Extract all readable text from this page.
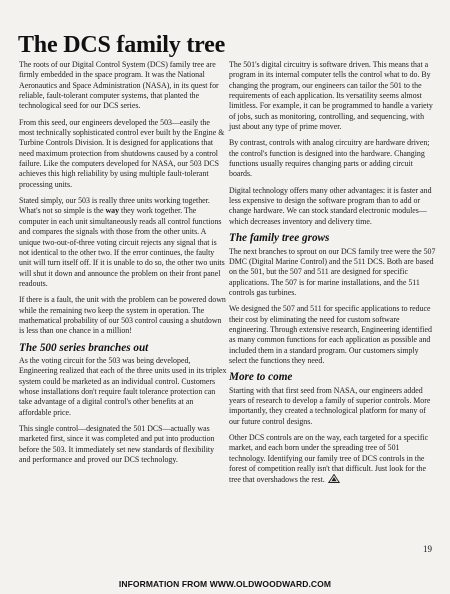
The DCS family tree

The roots of our Digital Control System (DCS) family tree are firmly embedded in the space program. It was the National Aeronautics and Space Administration (NASA), in its quest for reliable, fault-tolerant computer systems, that planted the technological seed for our DCS series.

From this seed, our engineers developed the 503—easily the most technically sophisticated control ever built by the Engine & Turbine Controls Division. It is designed for applications that need maximum protection from shutdowns caused by a control failure. Like the computers developed for NASA, our 503 DCS achieves this high reliability by using multiple fault-tolerant processing units.

Stated simply, our 503 is really three units working together. What's not so simple is the way they work together. The computer in each unit simultaneously reads all control functions and compares the signals with those from the other units. A unique two-out-of-three voting circuit rejects any signal that is not identical to the other two. If the error continues, the faulty unit will turn itself off. If it is unable to do so, the other two units will shut it down and announce the problem on their front panel readouts.

If there is a fault, the unit with the problem can be powered down while the remaining two keep the system in operation. The mathematical probability of our 503 control causing a shutdown is less than one chance in a million!

The 500 series branches out

As the voting circuit for the 503 was being developed, Engineering realized that each of the three units used in its triplex system could be marketed as an individual control. Customers whose installations don't require fault tolerance protection can take advantage of a digital control's other benefits at an affordable price.

This single control—designated the 501 DCS—actually was marketed first, since it was completed and put into production before the 503. It immediately set new standards of flexibility and performance and proved our DCS technology.

The 501's digital circuitry is software driven. This means that a program in its internal computer tells the control what to do. By changing the program, our engineers can tailor the 501 to the requirements of each application. Its versatility seems almost limitless. For example, it can be programmed to handle a variety of jobs, such as monitoring, controlling, and sequencing, with just about any type of prime mover.

By contrast, controls with analog circuitry are hardware driven; the control's function is designed into the hardware. Changing functions usually requires changing parts or adding circuit boards.

Digital technology offers many other advantages: it is faster and less expensive to design the software program than to add or change hardware. We can stock standard electronic modules—which decreases inventory and delivery time.

The family tree grows

The next branches to sprout on our DCS family tree were the 507 DMC (Digital Marine Control) and the 511 DCS. Both are based on the 501, but the 507 and 511 are designed for specific applications. The 507 is for marine installations, and the 511 controls gas turbines.

We designed the 507 and 511 for specific applications to reduce their cost by eliminating the need for custom software engineering. Through extensive research, Engineering identified as many common functions for each application as possible and included them in a standard program. Our customers simply select the functions they need.

More to come

Starting with that first seed from NASA, our engineers added years of research to develop a family of superior controls. More importantly, they created a technological platform for many of our future control designs.

Other DCS controls are on the way, each targeted for a specific market, and each born under the spreading tree of 501 technology. Identifying our family tree of DCS controls in the forest of competition really isn't that difficult. Just look for the tree that overshadows the rest.

19
INFORMATION FROM WWW.OLDWOODWARD.COM
